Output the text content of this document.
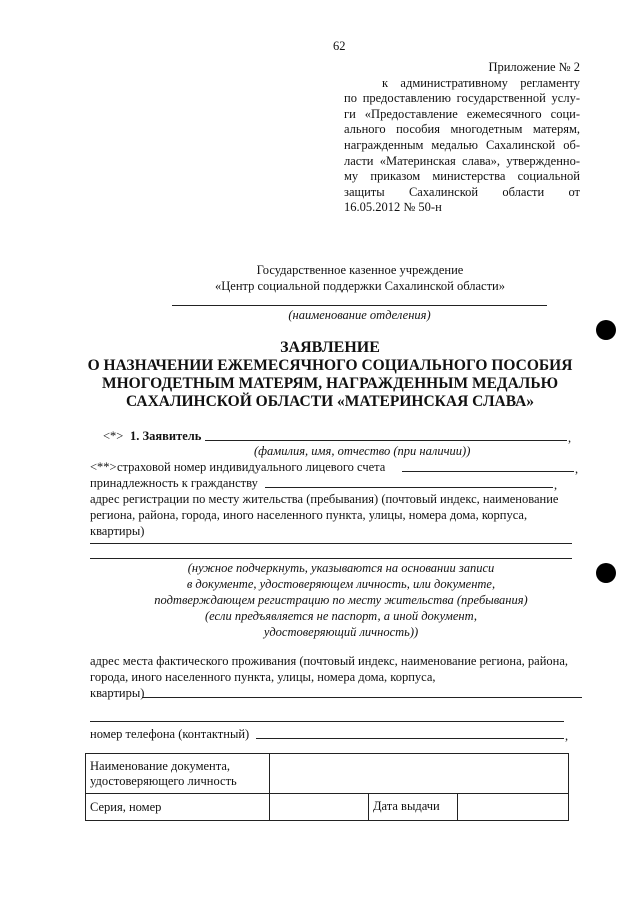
62
Приложение № 2
к административному регламенту
по предоставлению государственной услу-
ги «Предоставление ежемесячного соци-
ального пособия многодетным матерям,
награжденным медалью Сахалинской об-
ласти «Материнская слава», утвержденно-
му приказом министерства социальной
защиты Сахалинской области от
16.05.2012 № 50-н
Государственное казенное учреждение
«Центр социальной поддержки Сахалинской области»
(наименование отделения)
ЗАЯВЛЕНИЕ
О НАЗНАЧЕНИИ ЕЖЕМЕСЯЧНОГО СОЦИАЛЬНОГО ПОСОБИЯ
МНОГОДЕТНЫМ МАТЕРЯМ, НАГРАЖДЕННЫМ МЕДАЛЬЮ
САХАЛИНСКОЙ ОБЛАСТИ «МАТЕРИНСКАЯ СЛАВА»
<*> 1. Заявитель	,
(фамилия, имя, отчество (при наличии))
<**> страховой номер индивидуального лицевого счета	,
принадлежность к гражданству	,
адрес регистрации по месту жительства (пребывания) (почтовый индекс, наименование
региона, района, города, иного населенного пункта, улицы, номера дома, корпуса,
квартиры)
(нужное подчеркнуть, указываются на основании записи
в документе, удостоверяющем личность, или документе,
подтверждающем регистрацию по месту жительства (пребывания)
(если предъявляется не паспорт, а иной документ,
удостоверяющий личность))
адрес места фактического проживания (почтовый индекс, наименование региона, района,
города, иного населенного пункта, улицы, номера дома, корпуса,
квартиры)
номер телефона (контактный)	,
Наименование документа, удостоверяющего личность		
Серия, номер		Дата выдачи
